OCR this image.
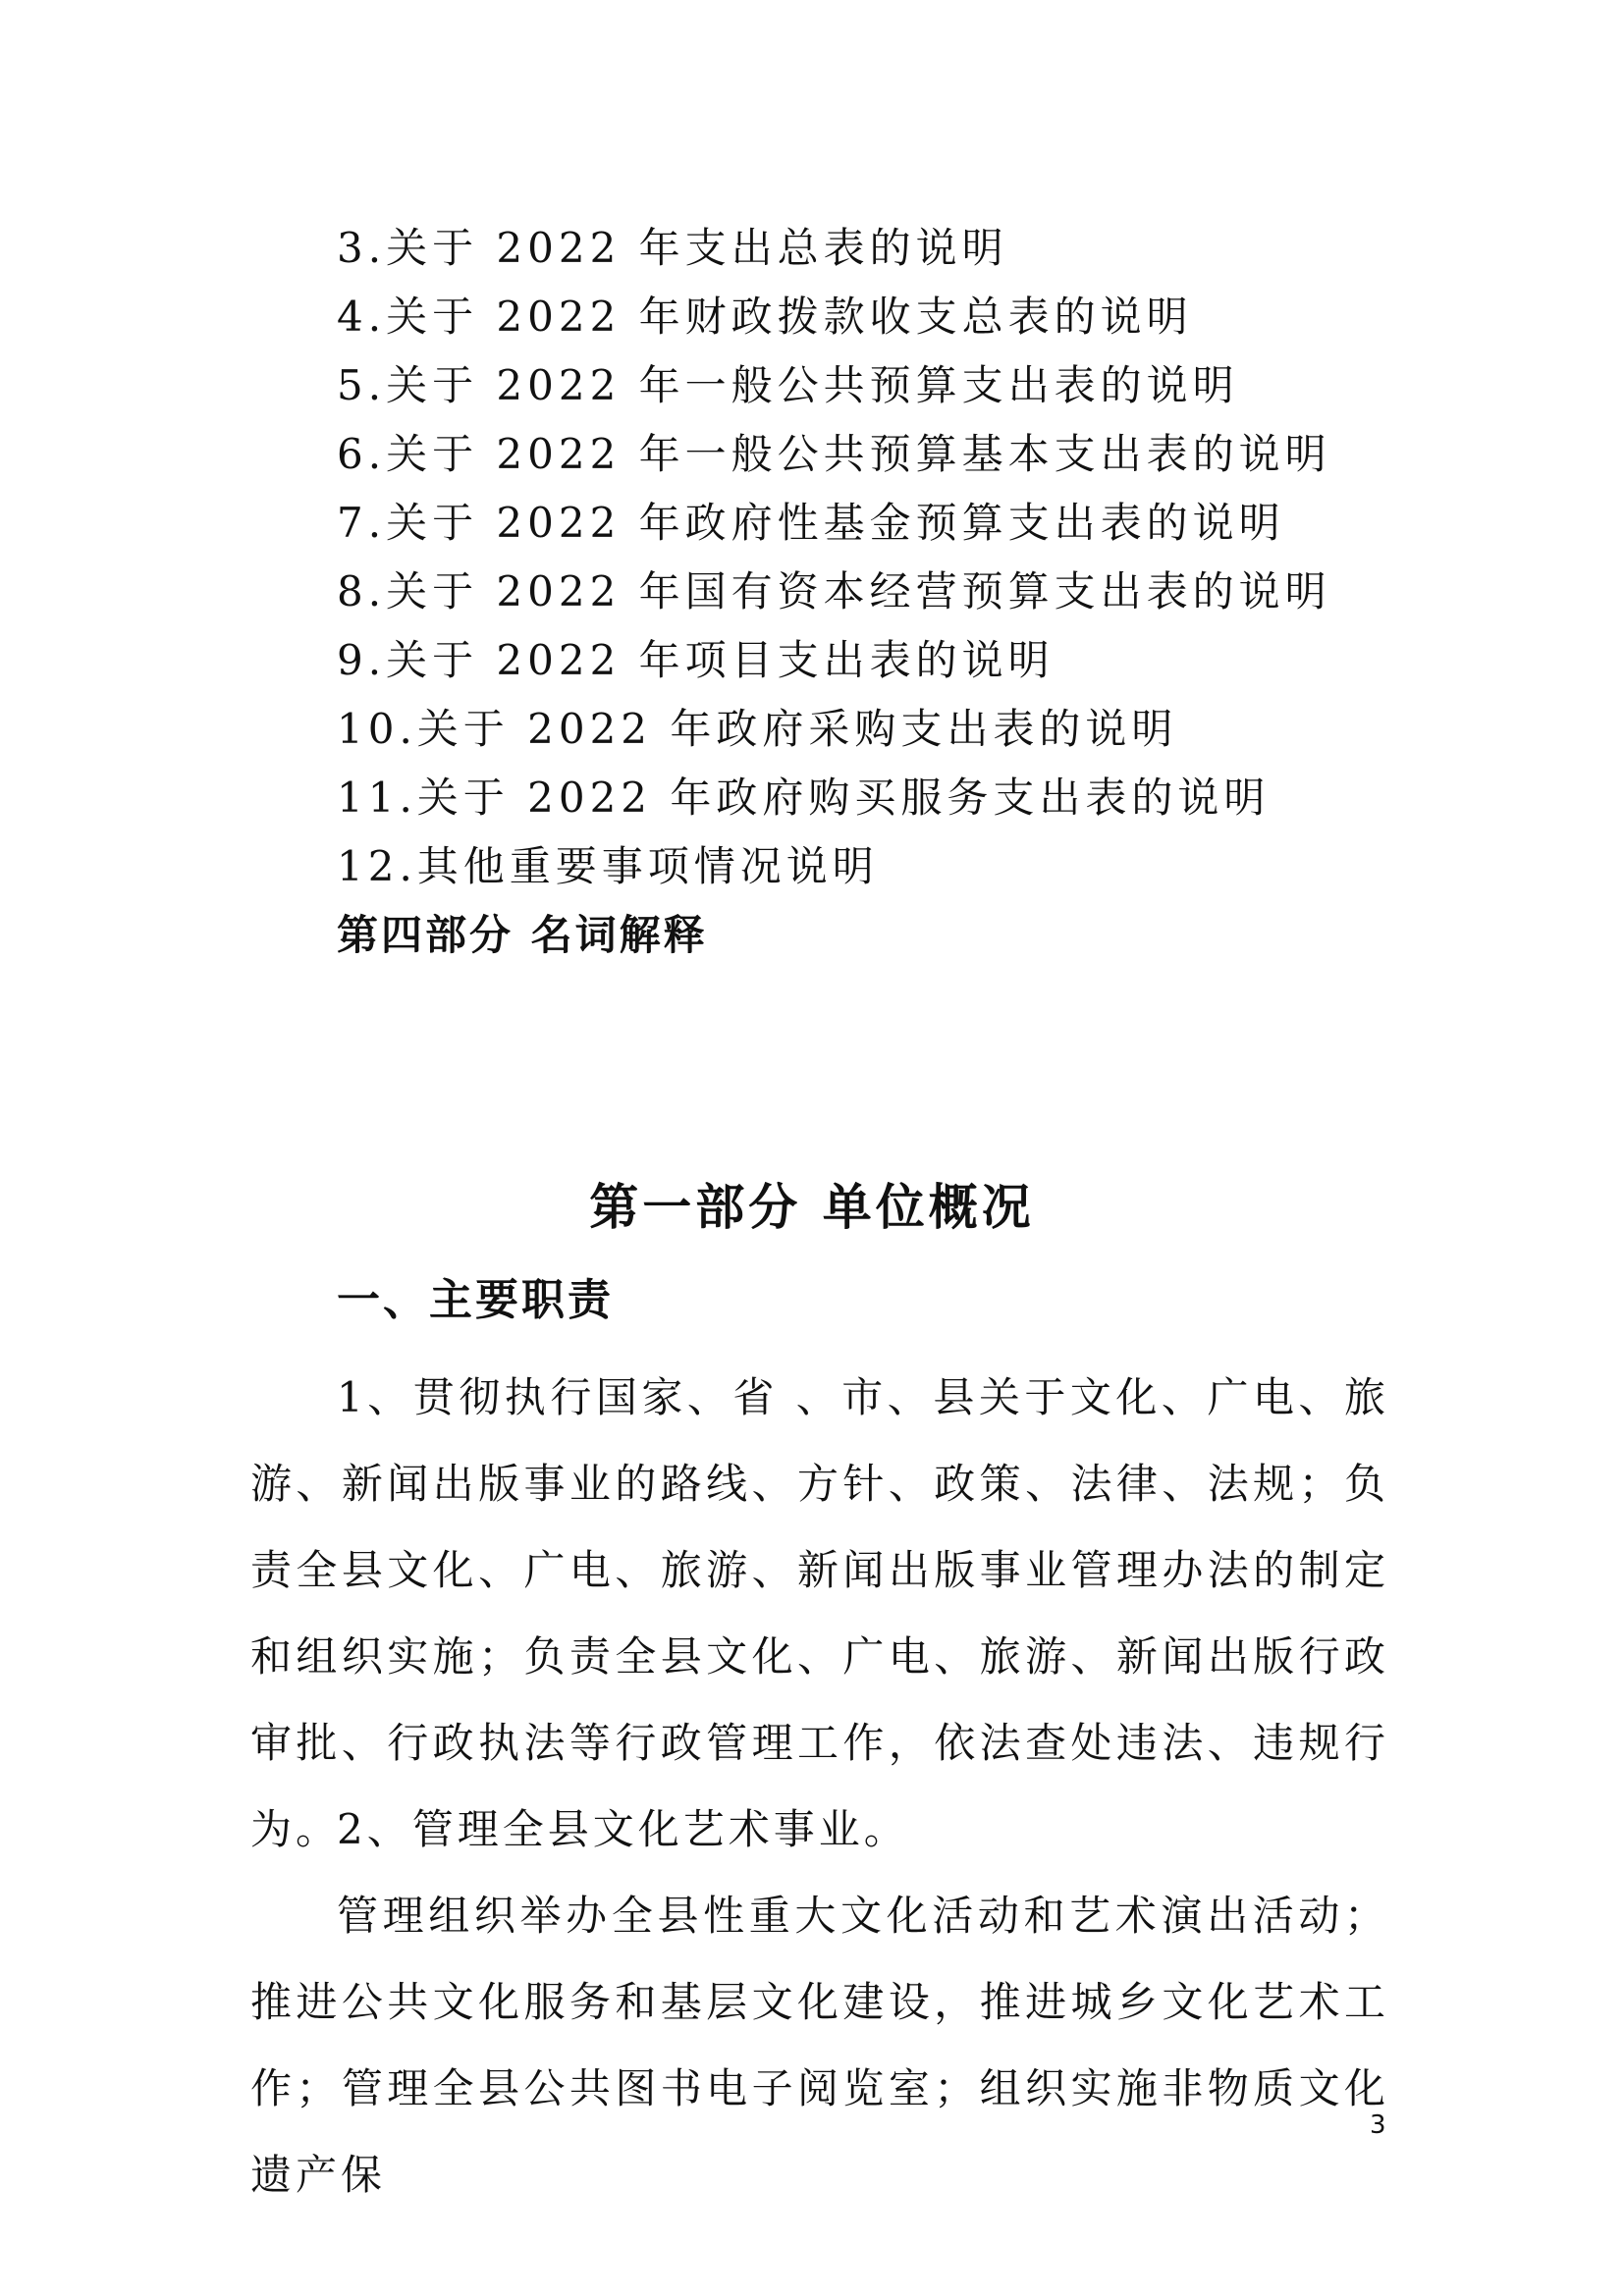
3.关于 2022 年支出总表的说明
4.关于 2022 年财政拨款收支总表的说明
5.关于 2022 年一般公共预算支出表的说明
6.关于 2022 年一般公共预算基本支出表的说明
7.关于 2022 年政府性基金预算支出表的说明
8.关于 2022 年国有资本经营预算支出表的说明
9.关于 2022 年项目支出表的说明
10.关于 2022 年政府采购支出表的说明
11.关于 2022 年政府购买服务支出表的说明
12.其他重要事项情况说明
第四部分 名词解释
第一部分 单位概况
一、主要职责

1、贯彻执行国家、省 、市、县关于文化、广电、旅游、新闻出版事业的路线、方针、政策、法律、法规；负责全县文化、广电、旅游、新闻出版事业管理办法的制定和组织实施；负责全县文化、广电、旅游、新闻出版行政审批、行政执法等行政管理工作，依法查处违法、违规行为。

2、管理全县文化艺术事业。

管理组织举办全县性重大文化活动和艺术演出活动；推进公共文化服务和基层文化建设，推进城乡文化艺术工作；管理全县公共图书电子阅览室；组织实施非物质文化遗产保

3
